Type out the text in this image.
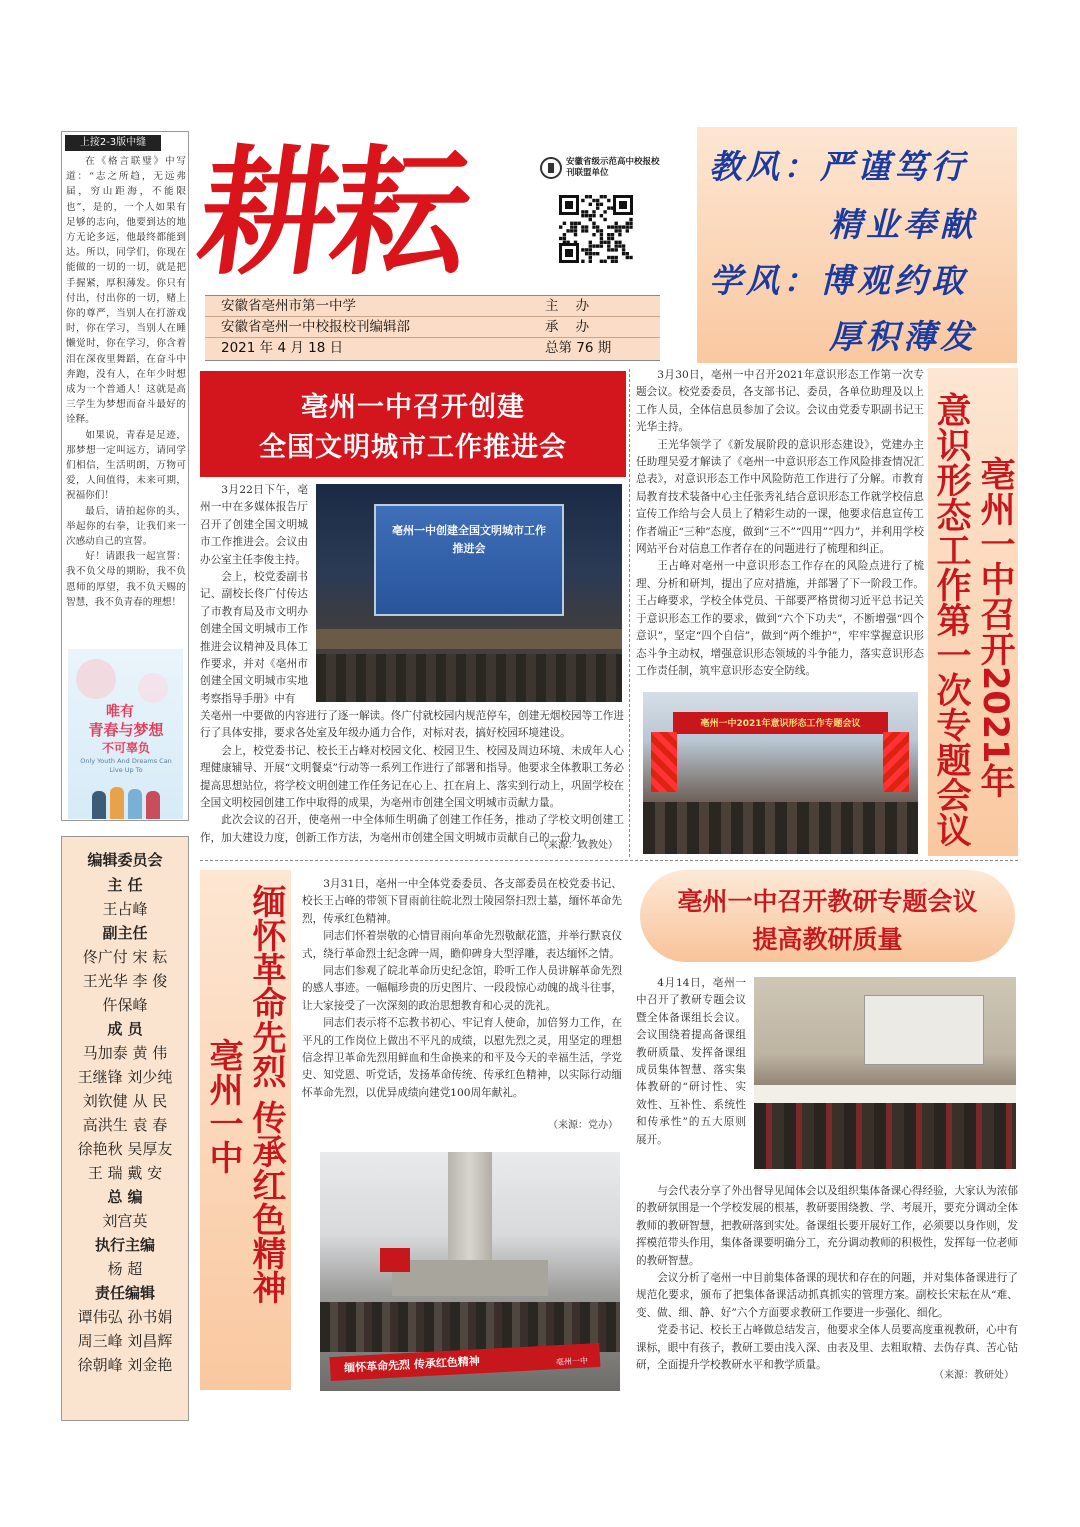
上接2-3版中缝
在《格言联璧》中写道：“志之所趋，无远弗届，穷山距海，不能限也”，是的，一个人如果有足够的志向，他要到达的地方无论多远，他最终都能到达。所以，同学们，你现在能做的一切的一切，就是把手握紧，厚积薄发。你只有付出，付出你的一切，赌上你的尊严，当别人在打游戏时，你在学习，当别人在睡懒觉时，你在学习，你含着泪在深夜里舞蹈，在奋斗中奔跑，没有人，在年少时想成为一个普通人！这就是高三学生为梦想而奋斗最好的诠释。
如果说，青春是足迹，那梦想一定叫远方，请同学们相信，生活明朗，万物可爱，人间值得，未来可期，祝福你们！
最后，请拍起你的头，举起你的右拳，让我们来一次感动自己的宣誓。
好！请跟我一起宣誓：我不负父母的期盼，我不负恩师的厚望，我不负天赐的智慧，我不负青春的理想！
唯有
青春与梦想
不可辜负
Only Youth And Dreams Can Live Up To
编辑委员会
主 任
王占峰
副主任
佟广付 宋 耘
王光华 李 俊
仵保峰
成 员
马加泰 黄 伟
王继锋 刘少纯
刘钦健 从 民
高洪生 袁 春
徐艳秋 吴厚友
王 瑞 戴 安
总 编
刘宫英
执行主编
杨 超
责任编辑
谭伟弘 孙书娟
周三峰 刘昌辉
徐朝峰 刘金艳
耕耘	安徽省级示范高中校报校刊联盟单位
安徽省亳州市第一中学	主    办
安徽省亳州一中校报校刊编辑部	承    办
2021 年 4 月 18 日	总第 76 期
教风：严谨笃行
精业奉献
学风：博观约取
厚积薄发
亳州一中召开创建
全国文明城市工作推进会
3月22日下午，亳州一中在多媒体报告厅召开了创建全国文明城市工作推进会。会议由办公室主任李俊主持。
会上，校党委副书记、副校长佟广付传达了市教育局及市文明办创建全国文明城市工作推进会议精神及具体工作要求，并对《亳州市创建全国文明城市实地考察指导手册》中有
亳州一中创建全国文明城市工作推进会
关亳州一中要做的内容进行了逐一解读。佟广付就校园内规范停车，创建无烟校园等工作进行了具体安排，要求各处室及年级办通力合作，对标对表，搞好校园环境建设。
会上，校党委书记、校长王占峰对校园文化、校园卫生、校园及周边环境、未成年人心理健康辅导、开展“文明餐桌”行动等一系列工作进行了部署和指导。他要求全体教职工务必提高思想站位，将学校文明创建工作任务记在心上、扛在肩上、落实到行动上，巩固学校在全国文明校园创建工作中取得的成果，为亳州市创建全国文明城市贡献力量。
此次会议的召开，使亳州一中全体师生明确了创建工作任务，推动了学校文明创建工作，加大建设力度，创新工作方法，为亳州市创建全国文明城市贡献自己的一份力。
（来源：政教处）
3月30日，亳州一中召开2021年意识形态工作第一次专题会议。校党委委员，各支部书记、委员，各单位助理及以上工作人员，全体信息员参加了会议。会议由党委专职副书记王光华主持。
王光华领学了《新发展阶段的意识形态建设》，党建办主任助理吴爱才解读了《亳州一中意识形态工作风险排查情况汇总表》，对意识形态工作中风险防范工作进行了分解。市教育局教育技术装备中心主任张秀礼结合意识形态工作就学校信息宣传工作给与会人员上了精彩生动的一课，他要求信息宣传工作者端正“三种”态度，做到“三不”“四用”“四力”，并利用学校网站平台对信息工作者存在的问题进行了梳理和纠正。
王占峰对亳州一中意识形态工作存在的风险点进行了梳理、分析和研判，提出了应对措施，并部署了下一阶段工作。王占峰要求，学校全体党员、干部要严格贯彻习近平总书记关于意识形态工作的要求，做到“六个下功夫”，不断增强“四个意识”，坚定“四个自信”，做到“两个维护”，牢牢掌握意识形态斗争主动权，增强意识形态领域的斗争能力，落实意识形态工作责任制，筑牢意识形态安全防线。	亳州一中召开2021年
意识形态工作第一次专题会议
亳州一中2021年意识形态工作专题会议
缅怀革命先烈 传承红色精神
亳州一中
3月31日，亳州一中全体党委委员、各支部委员在校党委书记、校长王占峰的带领下冒雨前往皖北烈士陵园祭扫烈士墓，缅怀革命先烈，传承红色精神。
同志们怀着崇敬的心情冒雨向革命先烈敬献花篮，并举行默哀仪式，绕行革命烈士纪念碑一周，瞻仰碑身大型浮雕，表达缅怀之情。
同志们参观了皖北革命历史纪念馆，聆听工作人员讲解革命先烈的感人事迹。一幅幅珍贵的历史图片、一段段惊心动魄的战斗往事，让大家接受了一次深刻的政治思想教育和心灵的洗礼。
同志们表示将不忘教书初心、牢记育人使命，加倍努力工作，在平凡的工作岗位上做出不平凡的成绩，以慰先烈之灵，用坚定的理想信念捍卫革命先烈用鲜血和生命换来的和平及今天的幸福生活，学党史、知党恩、听党话，发扬革命传统、传承红色精神，以实际行动缅怀革命先烈，以优异成绩向建党100周年献礼。
（来源：党办）
缅怀革命先烈 传承红色精神	亳州一中
亳州一中召开教研专题会议
提高教研质量
4月14日，亳州一中召开了教研专题会议暨全体备课组长会议。会议围绕着提高备课组教研质量、发挥备课组成员集体智慧、落实集体教研的“研讨性、实效性、互补性、系统性和传承性”的五大原则展开。
与会代表分享了外出督导见闻体会以及组织集体备课心得经验，大家认为浓郁的教研氛围是一个学校发展的根基，教研要围绕教、学、考展开，要充分调动全体教师的教研智慧，把教研落到实处。备课组长要开展好工作，必须要以身作则，发挥模范带头作用，集体备课要明确分工，充分调动教师的积极性，发挥每一位老师的教研智慧。
会议分析了亳州一中目前集体备课的现状和存在的问题，并对集体备课进行了规范化要求，颁布了把集体备课活动抓真抓实的管理方案。副校长宋耘在从“难、变、做、细、静、好”六个方面要求教研工作要进一步强化、细化。
党委书记、校长王占峰做总结发言，他要求全体人员要高度重视教研，心中有课标，眼中有孩子，教研工要由浅入深、由表及里、去粗取精、去伪存真、苦心钻研，全面提升学校教研水平和教学质量。
（来源：教研处）
